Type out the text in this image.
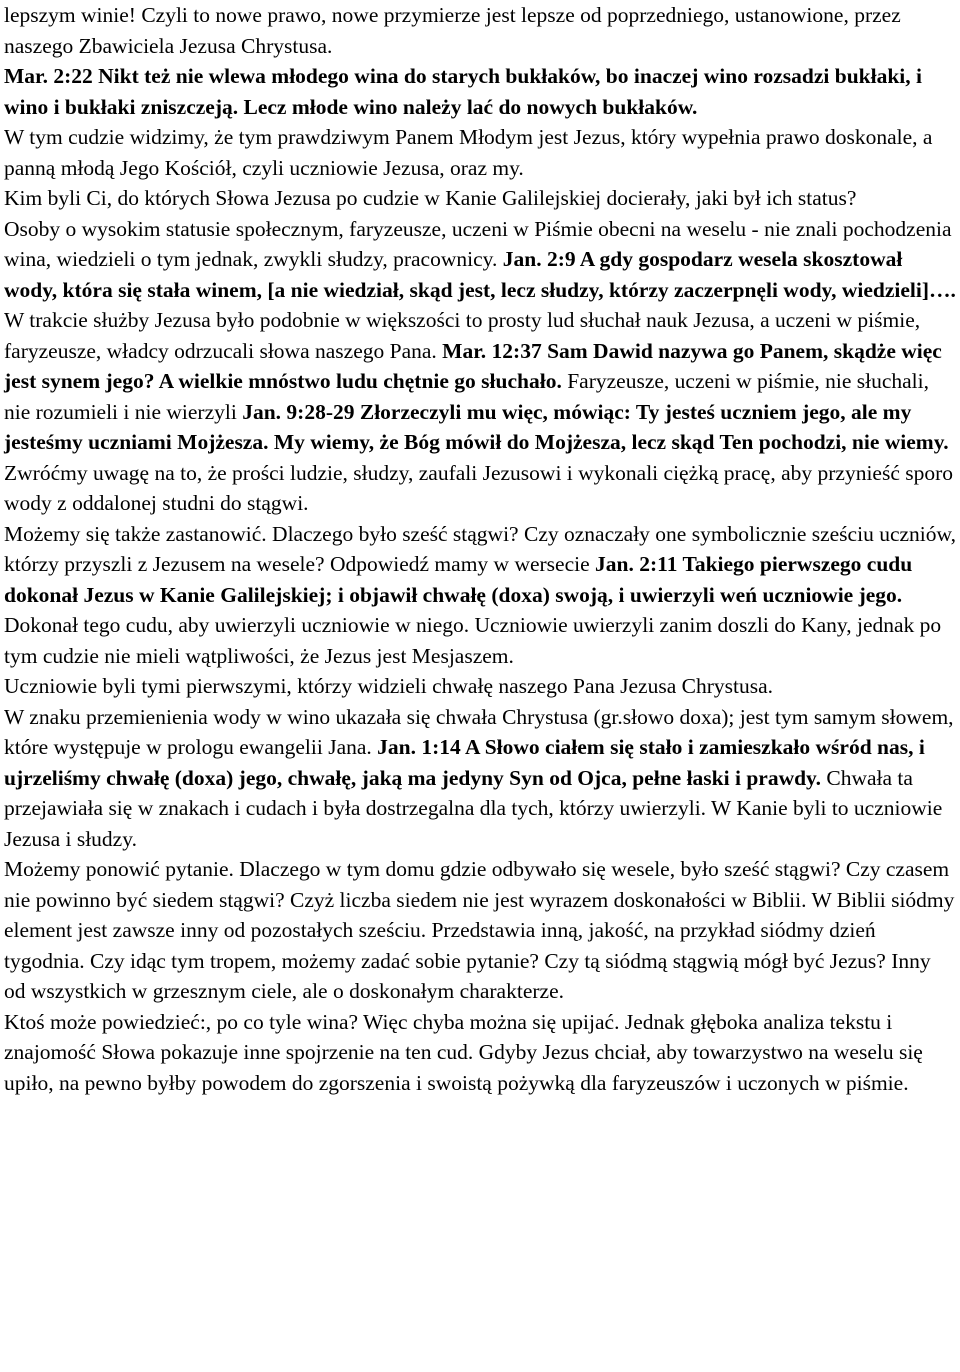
lepszym winie! Czyli to nowe prawo, nowe przymierze jest lepsze od poprzedniego, ustanowione, przez naszego Zbawiciela Jezusa Chrystusa.

Mar. 2:22 Nikt też nie wlewa młodego wina do starych bukłaków, bo inaczej wino rozsadzi bukłaki, i wino i bukłaki zniszczeją. Lecz młode wino należy lać do nowych bukłaków.

W tym cudzie widzimy, że tym prawdziwym Panem Młodym jest Jezus, który wypełnia prawo doskonale, a panną młodą Jego Kościół, czyli uczniowie Jezusa, oraz my.

Kim byli Ci, do których Słowa Jezusa po cudzie w Kanie Galilejskiej docierały, jaki był ich status?

Osoby o wysokim statusie społecznym, faryzeusze, uczeni w Piśmie obecni na weselu - nie znali pochodzenia wina, wiedzieli o tym jednak, zwykli słudzy, pracownicy. Jan. 2:9 A gdy gospodarz wesela skosztował wody, która się stała winem, [a nie wiedział, skąd jest, lecz słudzy, którzy zaczerpnęli wody, wiedzieli]….

W trakcie służby Jezusa było podobnie w większości to prosty lud słuchał nauk Jezusa, a uczeni w piśmie, faryzeusze, władcy odrzucali słowa naszego Pana. Mar. 12:37 Sam Dawid nazywa go Panem, skądże więc jest synem jego? A wielkie mnóstwo ludu chętnie go słuchało. Faryzeusze, uczeni w piśmie, nie słuchali, nie rozumieli i nie wierzyli Jan. 9:28-29 Złorzeczyli mu więc, mówiąc: Ty jesteś uczniem jego, ale my jesteśmy uczniami Mojżesza. My wiemy, że Bóg mówił do Mojżesza, lecz skąd Ten pochodzi, nie wiemy.

Zwróćmy uwagę na to, że prości ludzie, słudzy, zaufali Jezusowi i wykonali ciężką pracę, aby przynieść sporo wody z oddalonej studni do stągwi.

Możemy się także zastanowić. Dlaczego było sześć stągwi? Czy oznaczały one symbolicznie sześciu uczniów, którzy przyszli z Jezusem na wesele? Odpowiedź mamy w wersecie Jan. 2:11 Takiego pierwszego cudu dokonał Jezus w Kanie Galilejskiej; i objawił chwałę (doxa) swoją, i uwierzyli weń uczniowie jego.

Dokonał tego cudu, aby uwierzyli uczniowie w niego. Uczniowie uwierzyli zanim doszli do Kany, jednak po tym cudzie nie mieli wątpliwości, że Jezus jest Mesjaszem.

Uczniowie byli tymi pierwszymi, którzy widzieli chwałę naszego Pana Jezusa Chrystusa.

W znaku przemienienia wody w wino ukazała się chwała Chrystusa (gr.słowo doxa); jest tym samym słowem, które występuje w prologu ewangelii Jana. Jan. 1:14 A Słowo ciałem się stało i zamieszkało wśród nas, i ujrzeliśmy chwałę (doxa) jego, chwałę, jaką ma jedyny Syn od Ojca, pełne łaski i prawdy. Chwała ta przejawiała się w znakach i cudach i była dostrzegalna dla tych, którzy uwierzyli. W Kanie byli to uczniowie Jezusa i słudzy.

Możemy ponowić pytanie. Dlaczego w tym domu gdzie odbywało się wesele, było sześć stągwi? Czy czasem nie powinno być siedem stągwi? Czyż liczba siedem nie jest wyrazem doskonałości w Biblii. W Biblii siódmy element jest zawsze inny od pozostałych sześciu. Przedstawia inną, jakość, na przykład siódmy dzień tygodnia. Czy idąc tym tropem, możemy zadać sobie pytanie? Czy tą siódmą stągwią mógł być Jezus? Inny od wszystkich w grzesznym ciele, ale o doskonałym charakterze.

Ktoś może powiedzieć:, po co tyle wina? Więc chyba można się upijać. Jednak głęboka analiza tekstu i znajomość Słowa pokazuje inne spojrzenie na ten cud. Gdyby Jezus chciał, aby towarzystwo na weselu się upiło, na pewno byłby powodem do zgorszenia i swoistą pożywką dla faryzeuszów i uczonych w piśmie.
